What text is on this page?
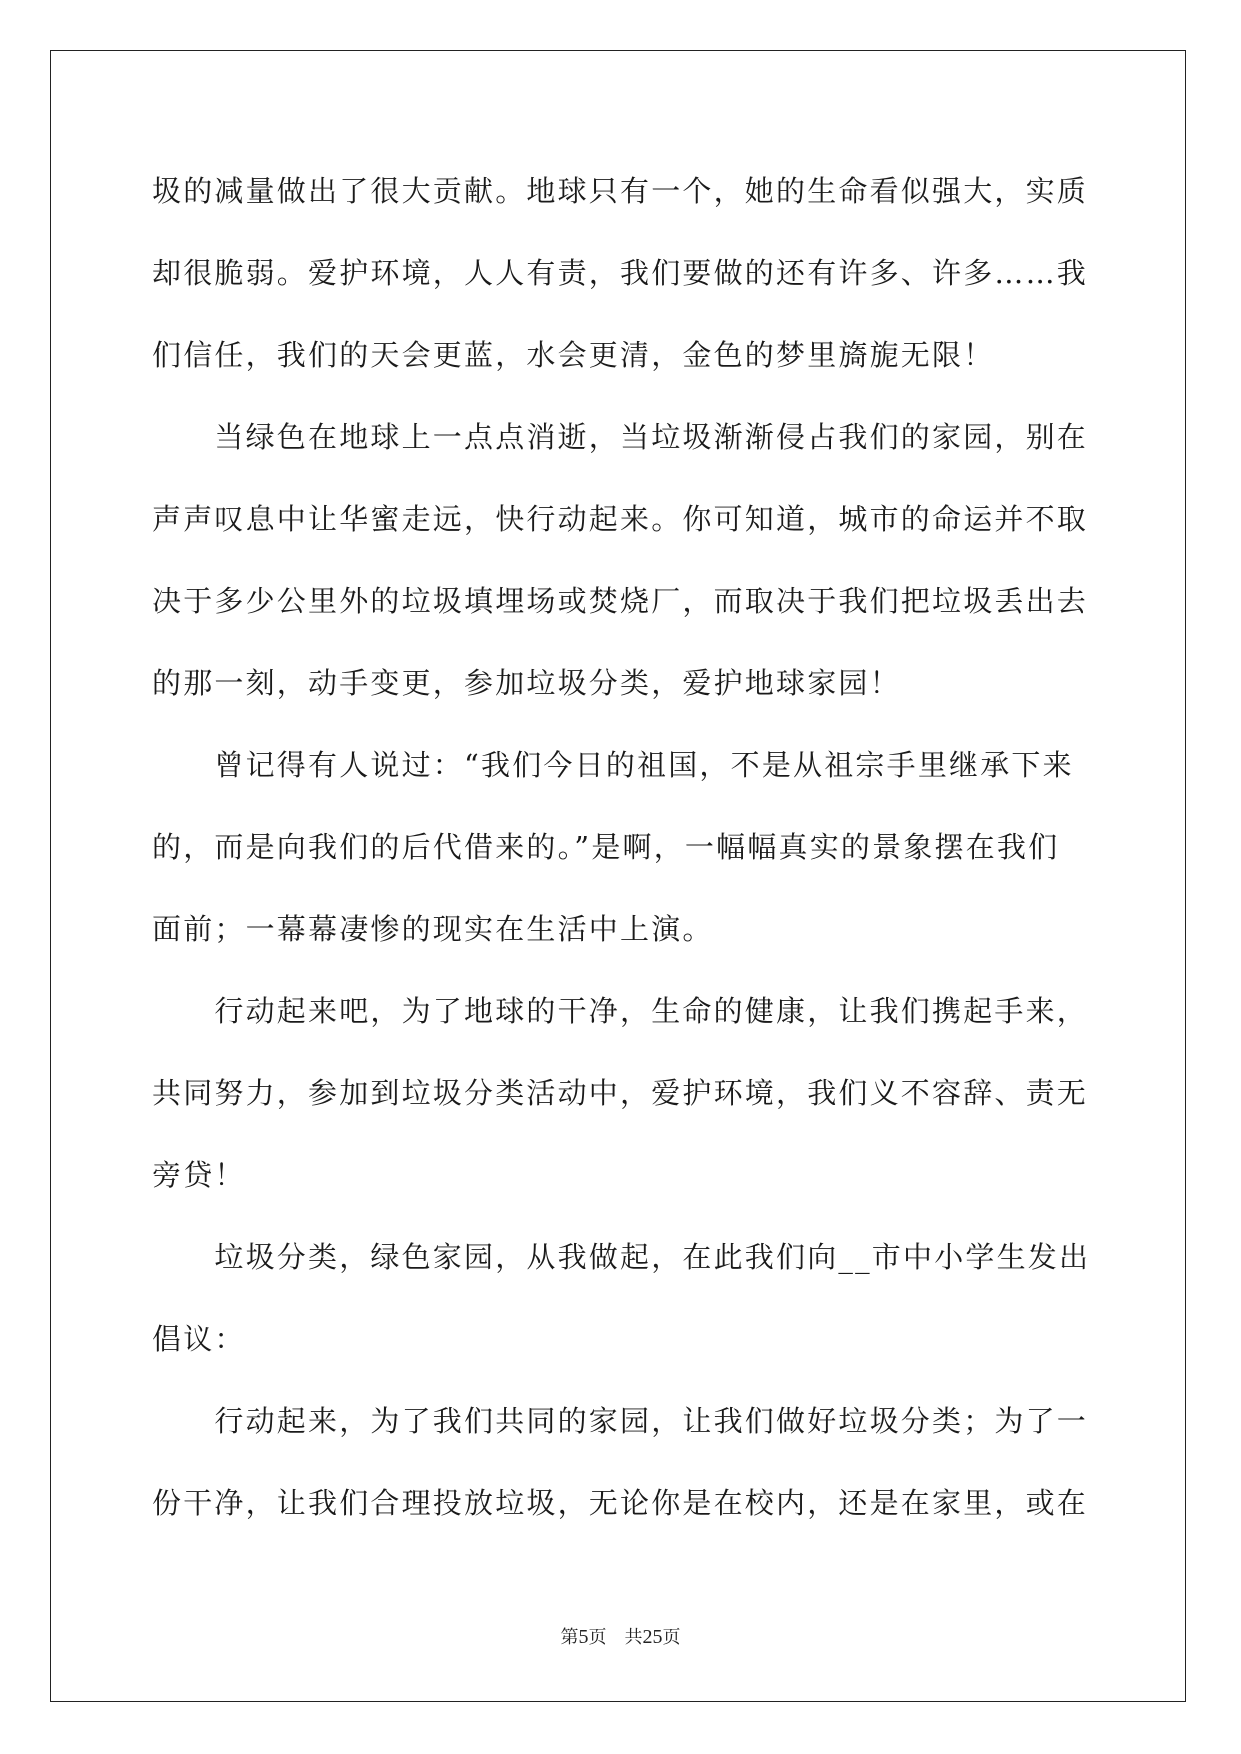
圾的减量做出了很大贡献。地球只有一个，她的生命看似强大，实质
却很脆弱。爱护环境，人人有责，我们要做的还有许多、许多……我
们信任，我们的天会更蓝，水会更清，金色的梦里旖旎无限！
　　当绿色在地球上一点点消逝，当垃圾渐渐侵占我们的家园，别在
声声叹息中让华蜜走远，快行动起来。你可知道，城市的命运并不取
决于多少公里外的垃圾填埋场或焚烧厂，而取决于我们把垃圾丢出去
的那一刻，动手变更，参加垃圾分类，爱护地球家园！
　　曾记得有人说过：“我们今日的祖国，不是从祖宗手里继承下来
的，而是向我们的后代借来的。”是啊，一幅幅真实的景象摆在我们
面前；一幕幕凄惨的现实在生活中上演。
　　行动起来吧，为了地球的干净，生命的健康，让我们携起手来，
共同努力，参加到垃圾分类活动中，爱护环境，我们义不容辞、责无
旁贷！
　　垃圾分类，绿色家园，从我做起，在此我们向__市中小学生发出
倡议：
　　行动起来，为了我们共同的家园，让我们做好垃圾分类；为了一
份干净，让我们合理投放垃圾，无论你是在校内，还是在家里，或在
第5页 共25页
